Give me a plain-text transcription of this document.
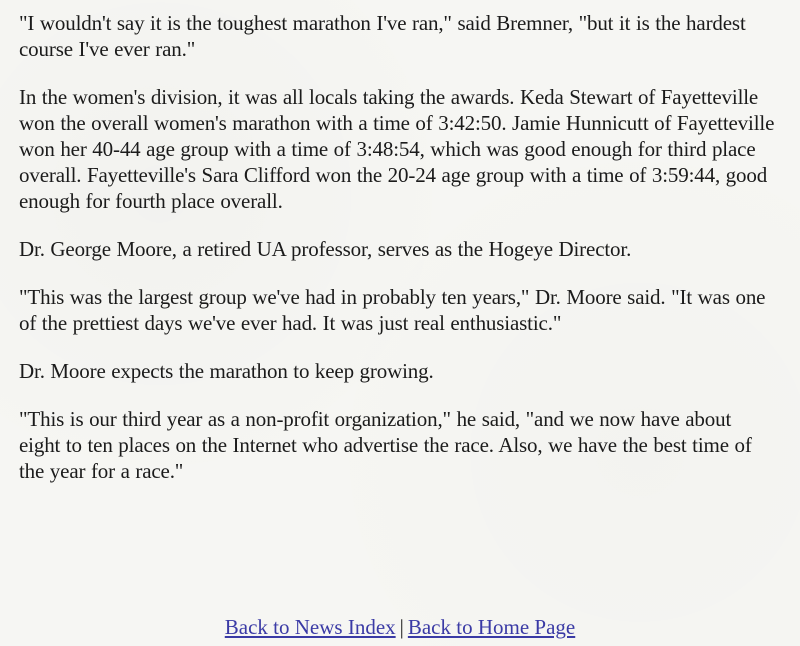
"I wouldn't say it is the toughest marathon I've ran," said Bremner, "but it is the hardest course I've ever ran."

In the women's division, it was all locals taking the awards. Keda Stewart of Fayetteville won the overall women's marathon with a time of 3:42:50. Jamie Hunnicutt of Fayetteville won her 40-44 age group with a time of 3:48:54, which was good enough for third place overall. Fayetteville's Sara Clifford won the 20-24 age group with a time of 3:59:44, good enough for fourth place overall.

Dr. George Moore, a retired UA professor, serves as the Hogeye Director.

"This was the largest group we've had in probably ten years," Dr. Moore said. "It was one of the prettiest days we've ever had. It was just real enthusiastic."

Dr. Moore expects the marathon to keep growing.

"This is our third year as a non-profit organization," he said, "and we now have about eight to ten places on the Internet who advertise the race. Also, we have the best time of the year for a race."

Back to News Index | Back to Home Page
